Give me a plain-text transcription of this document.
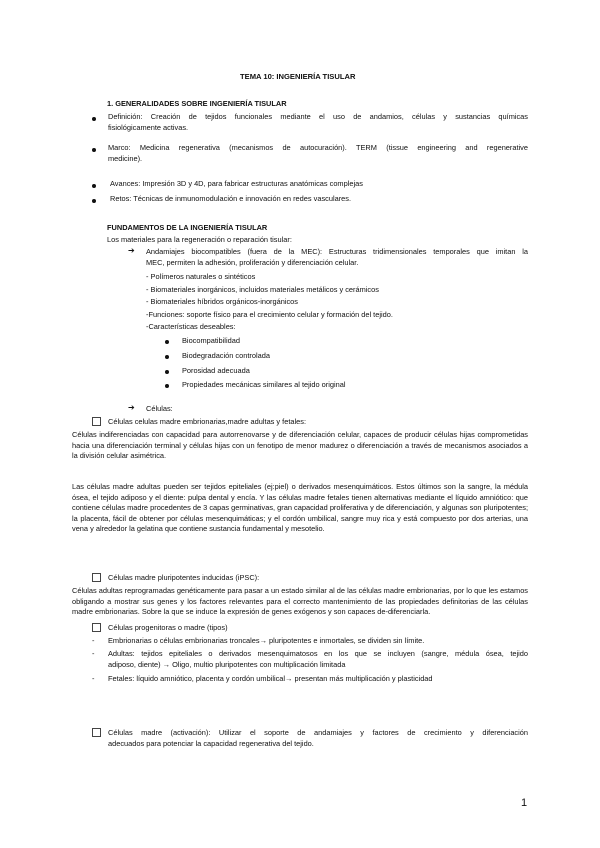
TEMA 10: INGENIERÍA TISULAR
1. GENERALIDADES SOBRE INGENIERÍA TISULAR
Definición: Creación de tejidos funcionales mediante el uso de andamios, células y sustancias químicas
fisiológicamente activas.
Marco: Medicina regenerativa (mecanismos de autocuración). TERM (tissue engineering and regenerative
medicine).
Avances: Impresión 3D y 4D, para fabricar estructuras anatómicas complejas
Retos: Técnicas de inmunomodulación e innovación en redes vasculares.
FUNDAMENTOS DE LA INGENIERÍA TISULAR
Los materiales para la regeneración o reparación tisular:
➔ Andamiajes biocompatibles (fuera de la MEC): Estructuras tridimensionales temporales que imitan la
MEC, permiten la adhesión, proliferación y diferenciación celular.
- Polímeros naturales o sintéticos
- Biomateriales inorgánicos, incluidos materiales metálicos y cerámicos
- Biomateriales híbridos orgánicos-inorgánicos
-Funciones: soporte físico para el crecimiento celular y formación del tejido.
-Características deseables:
Biocompatibilidad
Biodegradación controlada
Porosidad adecuada
Propiedades mecánicas similares al tejido original
➔ Células:
Células celulas madre embrionarias,madre adultas y fetales:
Células indiferenciadas con capacidad para autorrenovarse y de diferenciación celular, capaces de producir células hijas comprometidas hacia una diferenciación terminal y células hijas con un fenotipo de menor madurez o diferenciación a través de mecanismos asociados a la división celular asimétrica.
Las células madre adultas pueden ser tejidos epiteliales (ej:piel) o derivados mesenquimáticos. Estos últimos son la sangre, la médula ósea, el tejido adiposo y el diente: pulpa dental y encía. Y las células madre fetales tienen alternativas mediante el líquido amniótico: que contiene células madre procedentes de 3 capas germinativas, gran capacidad proliferativa y de diferenciación, y algunas son pluripotentes; la placenta, fácil de obtener por células mesenquimáticas; y el cordón umbilical, sangre muy rica y está compuesto por dos arterias, una vena y alrededor la gelatina que contiene sustancia fundamental y mesotelio.
Células madre pluripotentes inducidas (iPSC):
Células adultas reprogramadas genéticamente para pasar a un estado similar al de las células madre embrionarias, por lo que les estamos obligando a mostrar sus genes y los factores relevantes para el correcto mantenimiento de las propiedades definitorias de las células madre embrionarias. Sobre la que se induce la expresión de genes exógenos y son capaces de-diferenciarla.
Células progenitoras o madre (tipos)
- Embrionarias o células embrionarias troncales→ pluripotentes e inmortales, se dividen sin límite.
- Adultas: tejidos epiteliales o derivados mesenquimatosos en los que se incluyen (sangre, médula ósea, tejido
adiposo, diente) → Oligo, multio pluripotentes con multiplicación limitada
- Fetales: líquido amniótico, placenta y cordón umbilical→ presentan más multiplicación y plasticidad
Células madre (activación): Utilizar el soporte de andamiajes y factores de crecimiento y diferenciación
adecuados para potenciar la capacidad regenerativa del tejido.
1
